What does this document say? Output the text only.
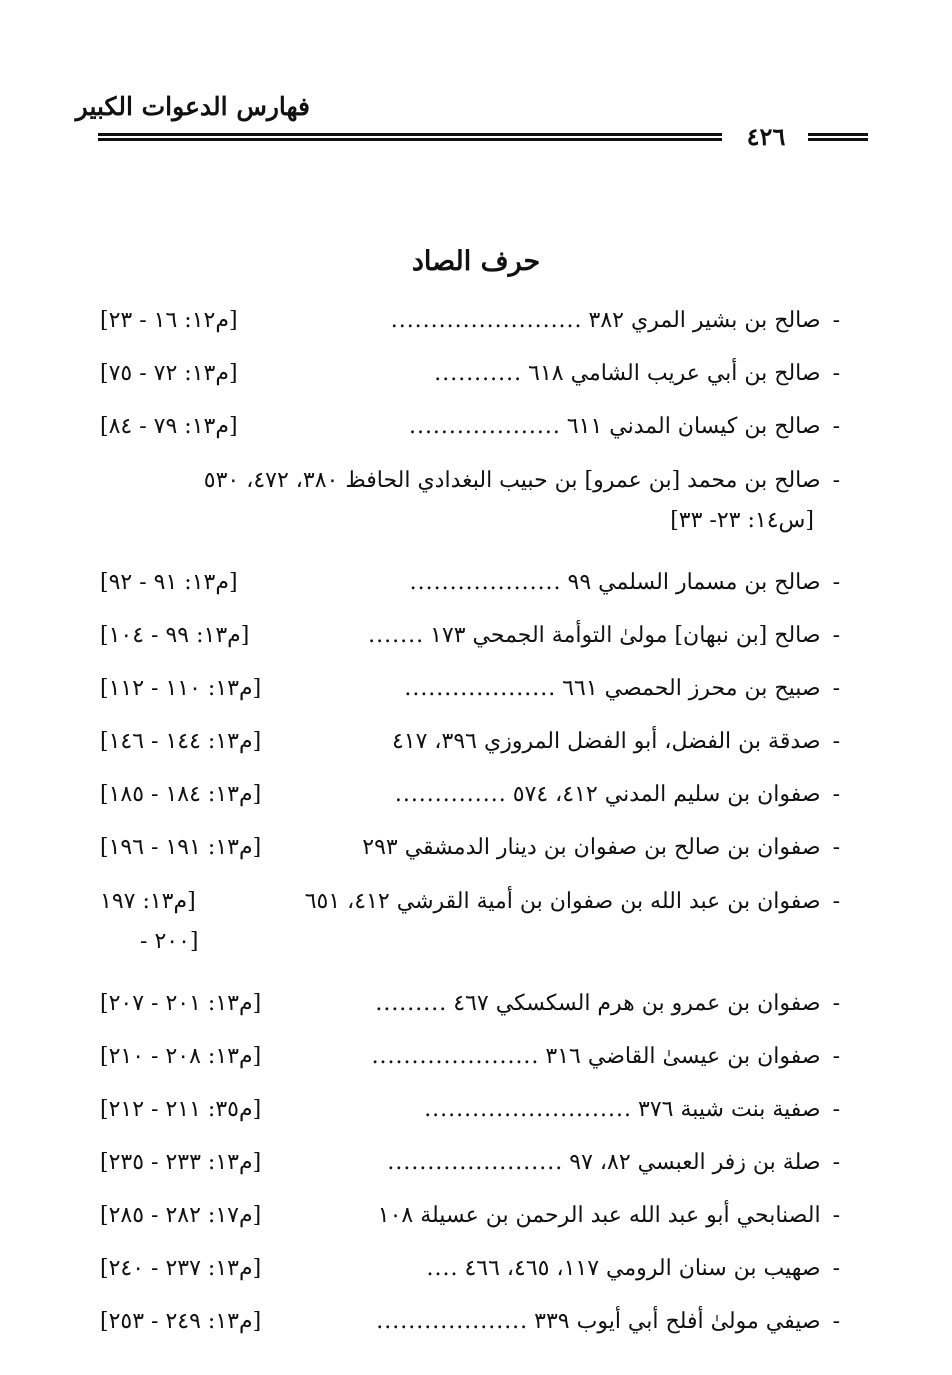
فهارس الدعوات الكبير
٤٢٦
حرف الصاد
-صالح بن بشير المري ٣٨٢........................
[م١٢: ١٦ - ٢٣]
-صالح بن أبي عريب الشامي ٦١٨...........
[م١٣: ٧٢ - ٧٥]
-صالح بن كيسان المدني ٦١١...................
[م١٣: ٧٩ - ٨٤]
-صالح بن محمد [بن عمرو] بن حبيب البغدادي الحافظ ٣٨٠، ٤٧٢، ٥٣٠
[س١٤: ٢٣- ٣٣]
-صالح بن مسمار السلمي ٩٩...................
[م١٣: ٩١ - ٩٢]
-صالح [بن نبهان] مولىٰ التوأمة الجمحي ١٧٣.......
[م١٣: ٩٩ - ١٠٤]
-صبيح بن محرز الحمصي ٦٦١...................
[م١٣: ١١٠ - ١١٢]
-صدقة بن الفضل، أبو الفضل المروزي ٣٩٦، ٤١٧
[م١٣: ١٤٤ - ١٤٦]
-صفوان بن سليم المدني ٤١٢، ٥٧٤..............
[م١٣: ١٨٤ - ١٨٥]
-صفوان بن صالح بن صفوان بن دينار الدمشقي ٢٩٣
[م١٣: ١٩١ - ١٩٦]
-صفوان بن عبد الله بن صفوان بن أمية القرشي ٤١٢، ٦٥١
[م١٣: ١٩٧
- ٢٠٠]
-صفوان بن عمرو بن هرم السكسكي ٤٦٧.........
[م١٣: ٢٠١ - ٢٠٧]
-صفوان بن عيسىٰ القاضي ٣١٦.....................
[م١٣: ٢٠٨ - ٢١٠]
-صفية بنت شيبة ٣٧٦..........................
[م٣٥: ٢١١ - ٢١٢]
-صلة بن زفر العبسي ٨٢، ٩٧......................
[م١٣: ٢٣٣ - ٢٣٥]
-الصنابحي أبو عبد الله عبد الرحمن بن عسيلة ١٠٨
[م١٧: ٢٨٢ - ٢٨٥]
-صهيب بن سنان الرومي ١١٧، ٤٦٥، ٤٦٦....
[م١٣: ٢٣٧ - ٢٤٠]
-صيفي مولىٰ أفلح أبي أيوب ٣٣٩...................
[م١٣: ٢٤٩ - ٢٥٣]
